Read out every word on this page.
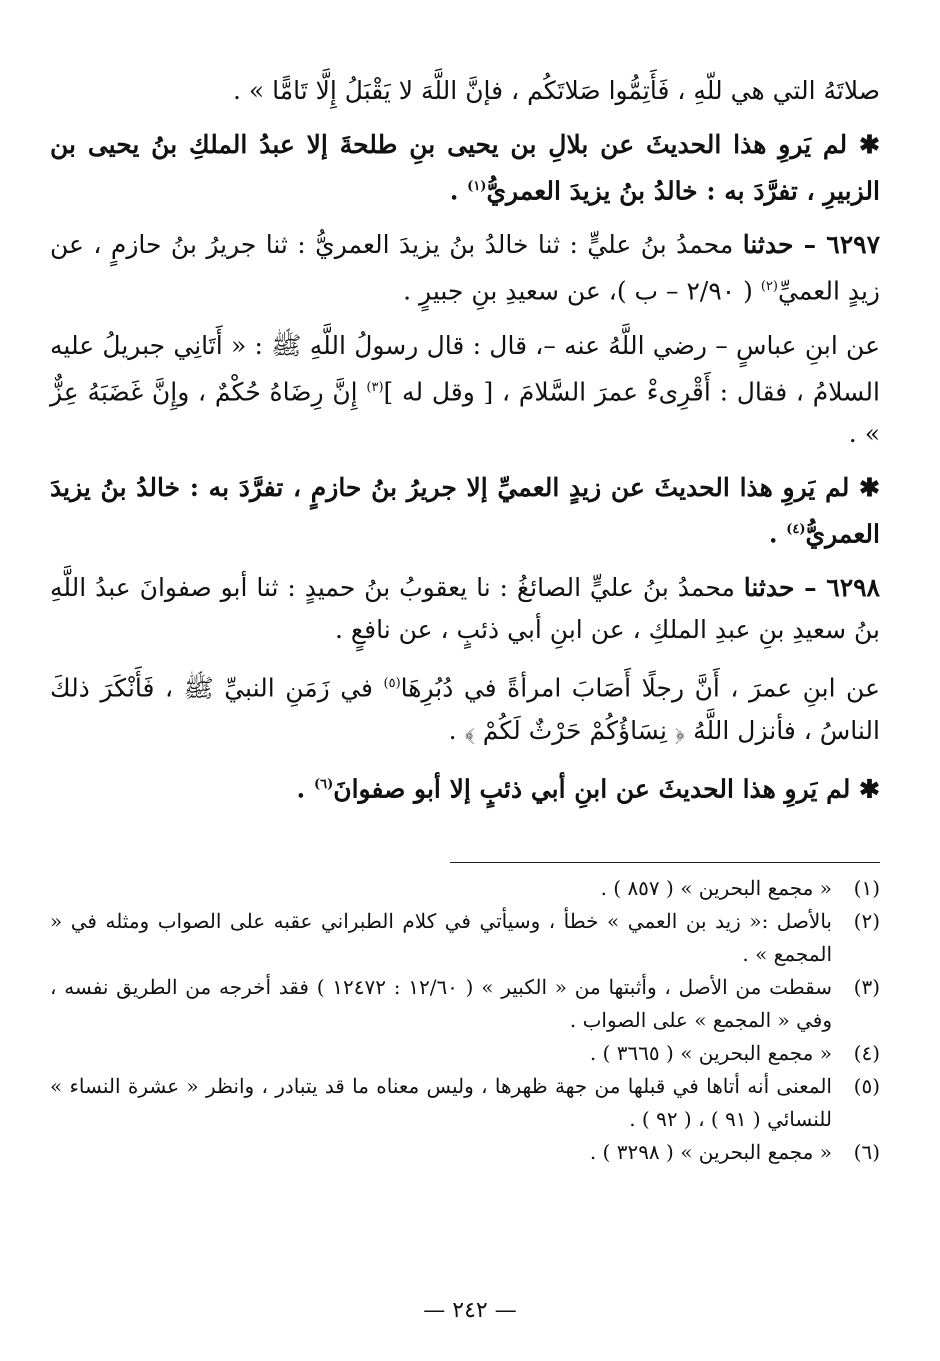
صلاتَهُ التي هي للّهِ ، فَأَتِمُّوا صَلاتَكُم ، فإنَّ اللَّهَ لا يَقْبَلُ إِلَّا تَامًّا » .

✱ لم يَروِ هذا الحديثَ عن بلالِ بن يحيى بنِ طلحةَ إلا عبدُ الملكِ بنُ يحيى بن الزبيرِ ، تفرَّدَ به : خالدُ بنُ يزيدَ العمريُّ$^{(١)}$ .

٦٢٩٧ – حدثنا محمدُ بنُ عليٍّ : ثنا خالدُ بنُ يزيدَ العمريُّ : ثنا جريرُ بنُ حازمٍ ، عن زيدٍ العميِّ$^{(٢)}$ ( ٢/٩٠ – ب )، عن سعيدِ بنِ جبيرٍ .

عن ابنِ عباسٍ – رضي اللَّهُ عنه –، قال : قال رسولُ اللَّهِ ﷺ : « أَتَانِي جبريلُ عليه السلامُ ، فقال : أَقْرِىءْ عمرَ السَّلامَ ، [ وقل له ]$^{(٣)}$ إِنَّ رِضَاهُ حُكْمٌ ، وإِنَّ غَضَبَهُ عِزٌّ » .

✱ لم يَروِ هذا الحديثَ عن زيدٍ العميِّ إلا جريرُ بنُ حازمٍ ، تفرَّدَ به : خالدُ بنُ يزيدَ العمريُّ$^{(٤)}$ .

٦٢٩٨ – حدثنا محمدُ بنُ عليٍّ الصائغُ : نا يعقوبُ بنُ حميدٍ : ثنا أبو صفوانَ عبدُ اللَّهِ بنُ سعيدِ بنِ عبدِ الملكِ ، عن ابنِ أبي ذئبٍ ، عن نافعٍ .

عن ابنِ عمرَ ، أَنَّ رجلًا أَصَابَ امرأةً في دُبُرِهَا$^{(٥)}$ في زَمَنِ النبيِّ ﷺ ، فَأَنْكَرَ ذلكَ الناسُ ، فأنزل اللَّهُ ﴿ نِسَاؤُكُمْ حَرْثٌ لَكُمْ ﴾ .

✱ لم يَروِ هذا الحديثَ عن ابنِ أبي ذئبٍ إلا أبو صفوانَ$^{(٦)}$ .

(١)
« مجمع البحرين » ( ٨٥٧ ) .

(٢)
بالأصل :« زيد بن العمي » خطأ ، وسيأتي في كلام الطبراني عقبه على الصواب ومثله في « المجمع » .

(٣)
سقطت من الأصل ، وأثبتها من « الكبير » ( ١٢/٦٠ : ١٢٤٧٢ ) فقد أخرجه من الطريق نفسه ، وفي « المجمع » على الصواب .

(٤)
« مجمع البحرين » ( ٣٦٦٥ ) .

(٥)
المعنى أنه أتاها في قبلها من جهة ظهرها ، وليس معناه ما قد يتبادر ، وانظر « عشرة النساء » للنسائي ( ٩١ ) ، ( ٩٢ ) .

(٦)
« مجمع البحرين » ( ٣٢٩٨ ) .

— ٢٤٢ —
